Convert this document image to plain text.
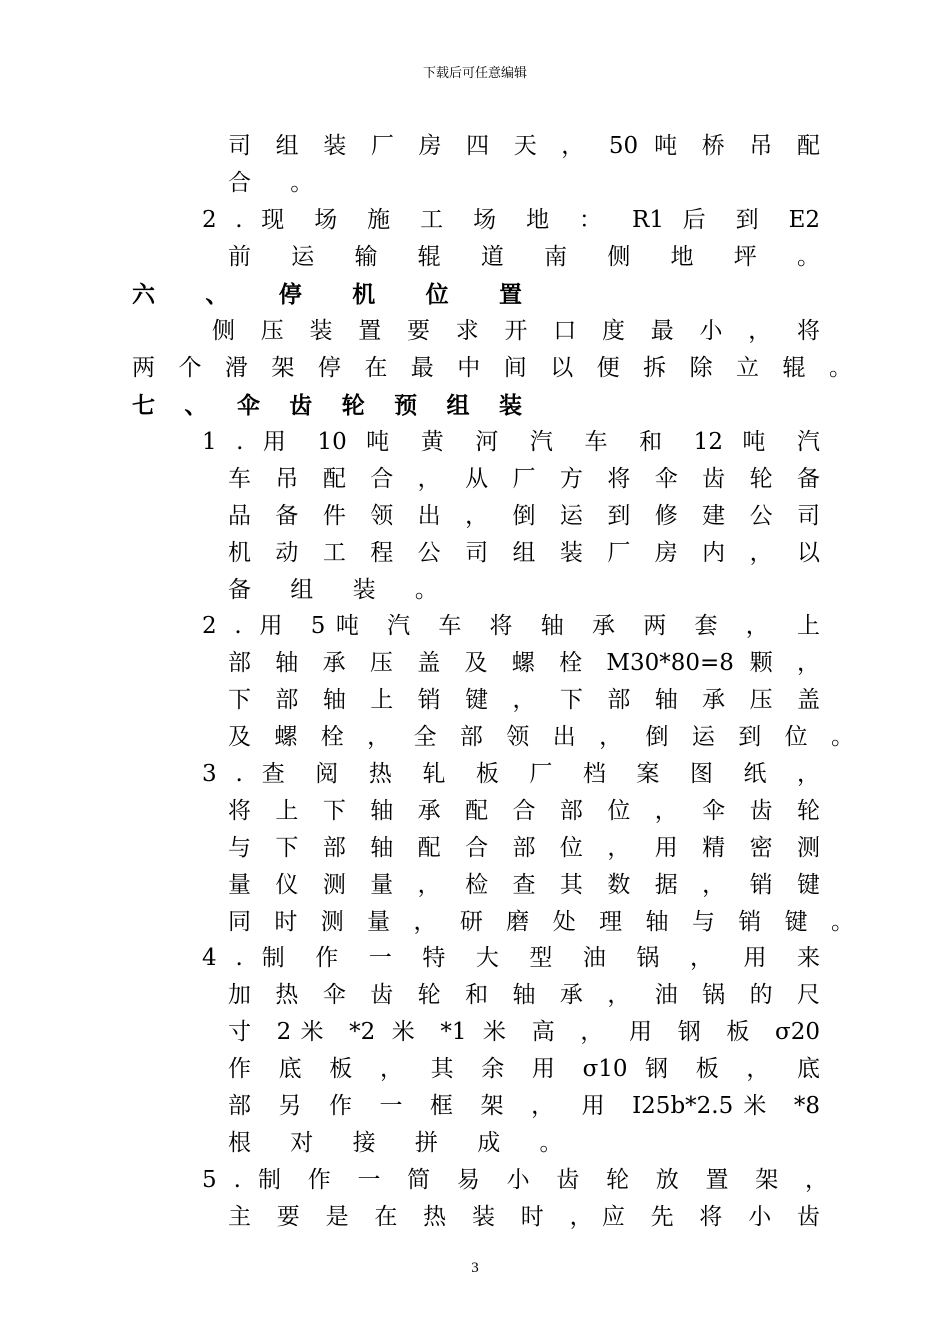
下载后可任意编辑
司 组 装 厂 房 四 天 ， 50 吨 桥 吊 配
合 。
2 . 现 场 施 工 场 地 ： R1 后 到 E2
前 运 输 辊 道 南 侧 地 坪 。
六 、 停 机 位 置
侧 压 装 置 要 求 开 口 度 最 小 ， 将
两 个 滑 架 停 在 最 中 间 以 便 拆 除 立 辊 。
七 、 伞 齿 轮 预 组 装
1 . 用 10 吨 黄 河 汽 车 和 12 吨 汽
车 吊 配 合 ， 从 厂 方 将 伞 齿 轮 备
品 备 件 领 出 ， 倒 运 到 修 建 公 司
机 动 工 程 公 司 组 装 厂 房 内 ， 以
备 组 装 。
2 . 用 5吨 汽 车 将 轴 承 两 套 ， 上
部 轴 承 压 盖 及 螺 栓 M30*80=8 颗 ，
下 部 轴 上 销 键 ， 下 部 轴 承 压 盖
及 螺 栓 ， 全 部 领 出 ， 倒 运 到 位 。
3 . 查 阅 热 轧 板 厂 档 案 图 纸 ，
将 上 下 轴 承 配 合 部 位 ， 伞 齿 轮
与 下 部 轴 配 合 部 位 ， 用 精 密 测
量 仪 测 量 ， 检 查 其 数 据 ， 销 键
同 时 测 量 ， 研 磨 处 理 轴 与 销 键 。
4 . 制 作 一 特 大 型 油 锅 ， 用 来
加 热 伞 齿 轮 和 轴 承 ， 油 锅 的 尺
寸 2米 *2 米 *1 米 高 ， 用 钢 板 σ20
作 底 板 ， 其 余 用 σ10 钢 板 ， 底
部 另 作 一 框 架 ， 用 I25b*2.5米 *8
根 对 接 拼 成 。
5 . 制 作 一 简 易 小 齿 轮 放 置 架 ，
主 要 是 在 热 装 时 ，应 先 将 小 齿
3
